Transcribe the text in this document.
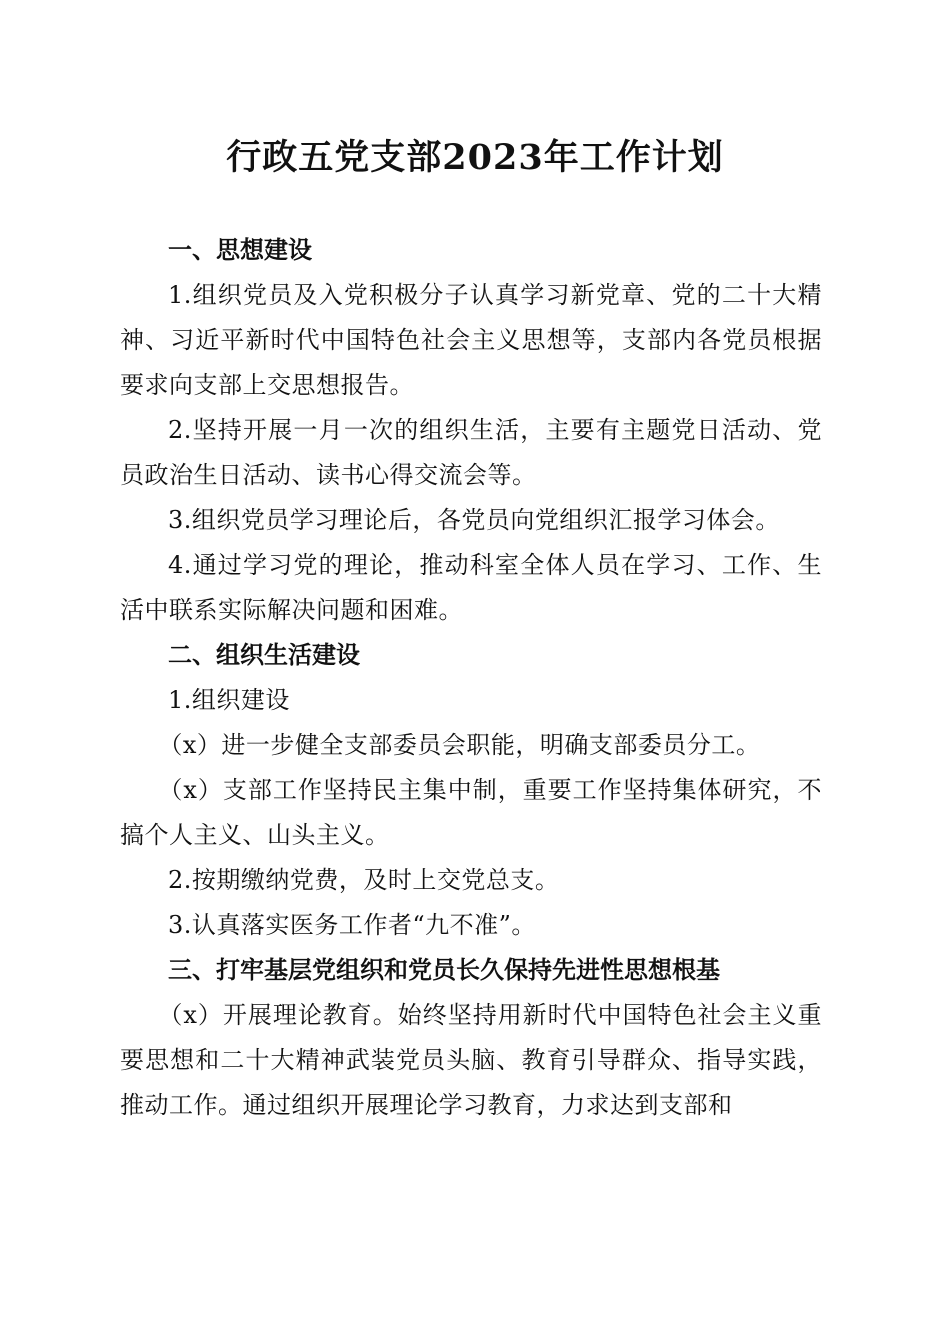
行政五党支部2023年工作计划

一、思想建设

1.组织党员及入党积极分子认真学习新党章、党的二十大精神、习近平新时代中国特色社会主义思想等，支部内各党员根据要求向支部上交思想报告。

2.坚持开展一月一次的组织生活，主要有主题党日活动、党员政治生日活动、读书心得交流会等。

3.组织党员学习理论后，各党员向党组织汇报学习体会。

4.通过学习党的理论，推动科室全体人员在学习、工作、生活中联系实际解决问题和困难。

二、组织生活建设

1.组织建设

（x）进一步健全支部委员会职能，明确支部委员分工。

（x）支部工作坚持民主集中制，重要工作坚持集体研究，不搞个人主义、山头主义。

2.按期缴纳党费，及时上交党总支。

3.认真落实医务工作者“九不准”。

三、打牢基层党组织和党员长久保持先进性思想根基

（x）开展理论教育。始终坚持用新时代中国特色社会主义重要思想和二十大精神武装党员头脑、教育引导群众、指导实践，推动工作。通过组织开展理论学习教育，力求达到支部和
